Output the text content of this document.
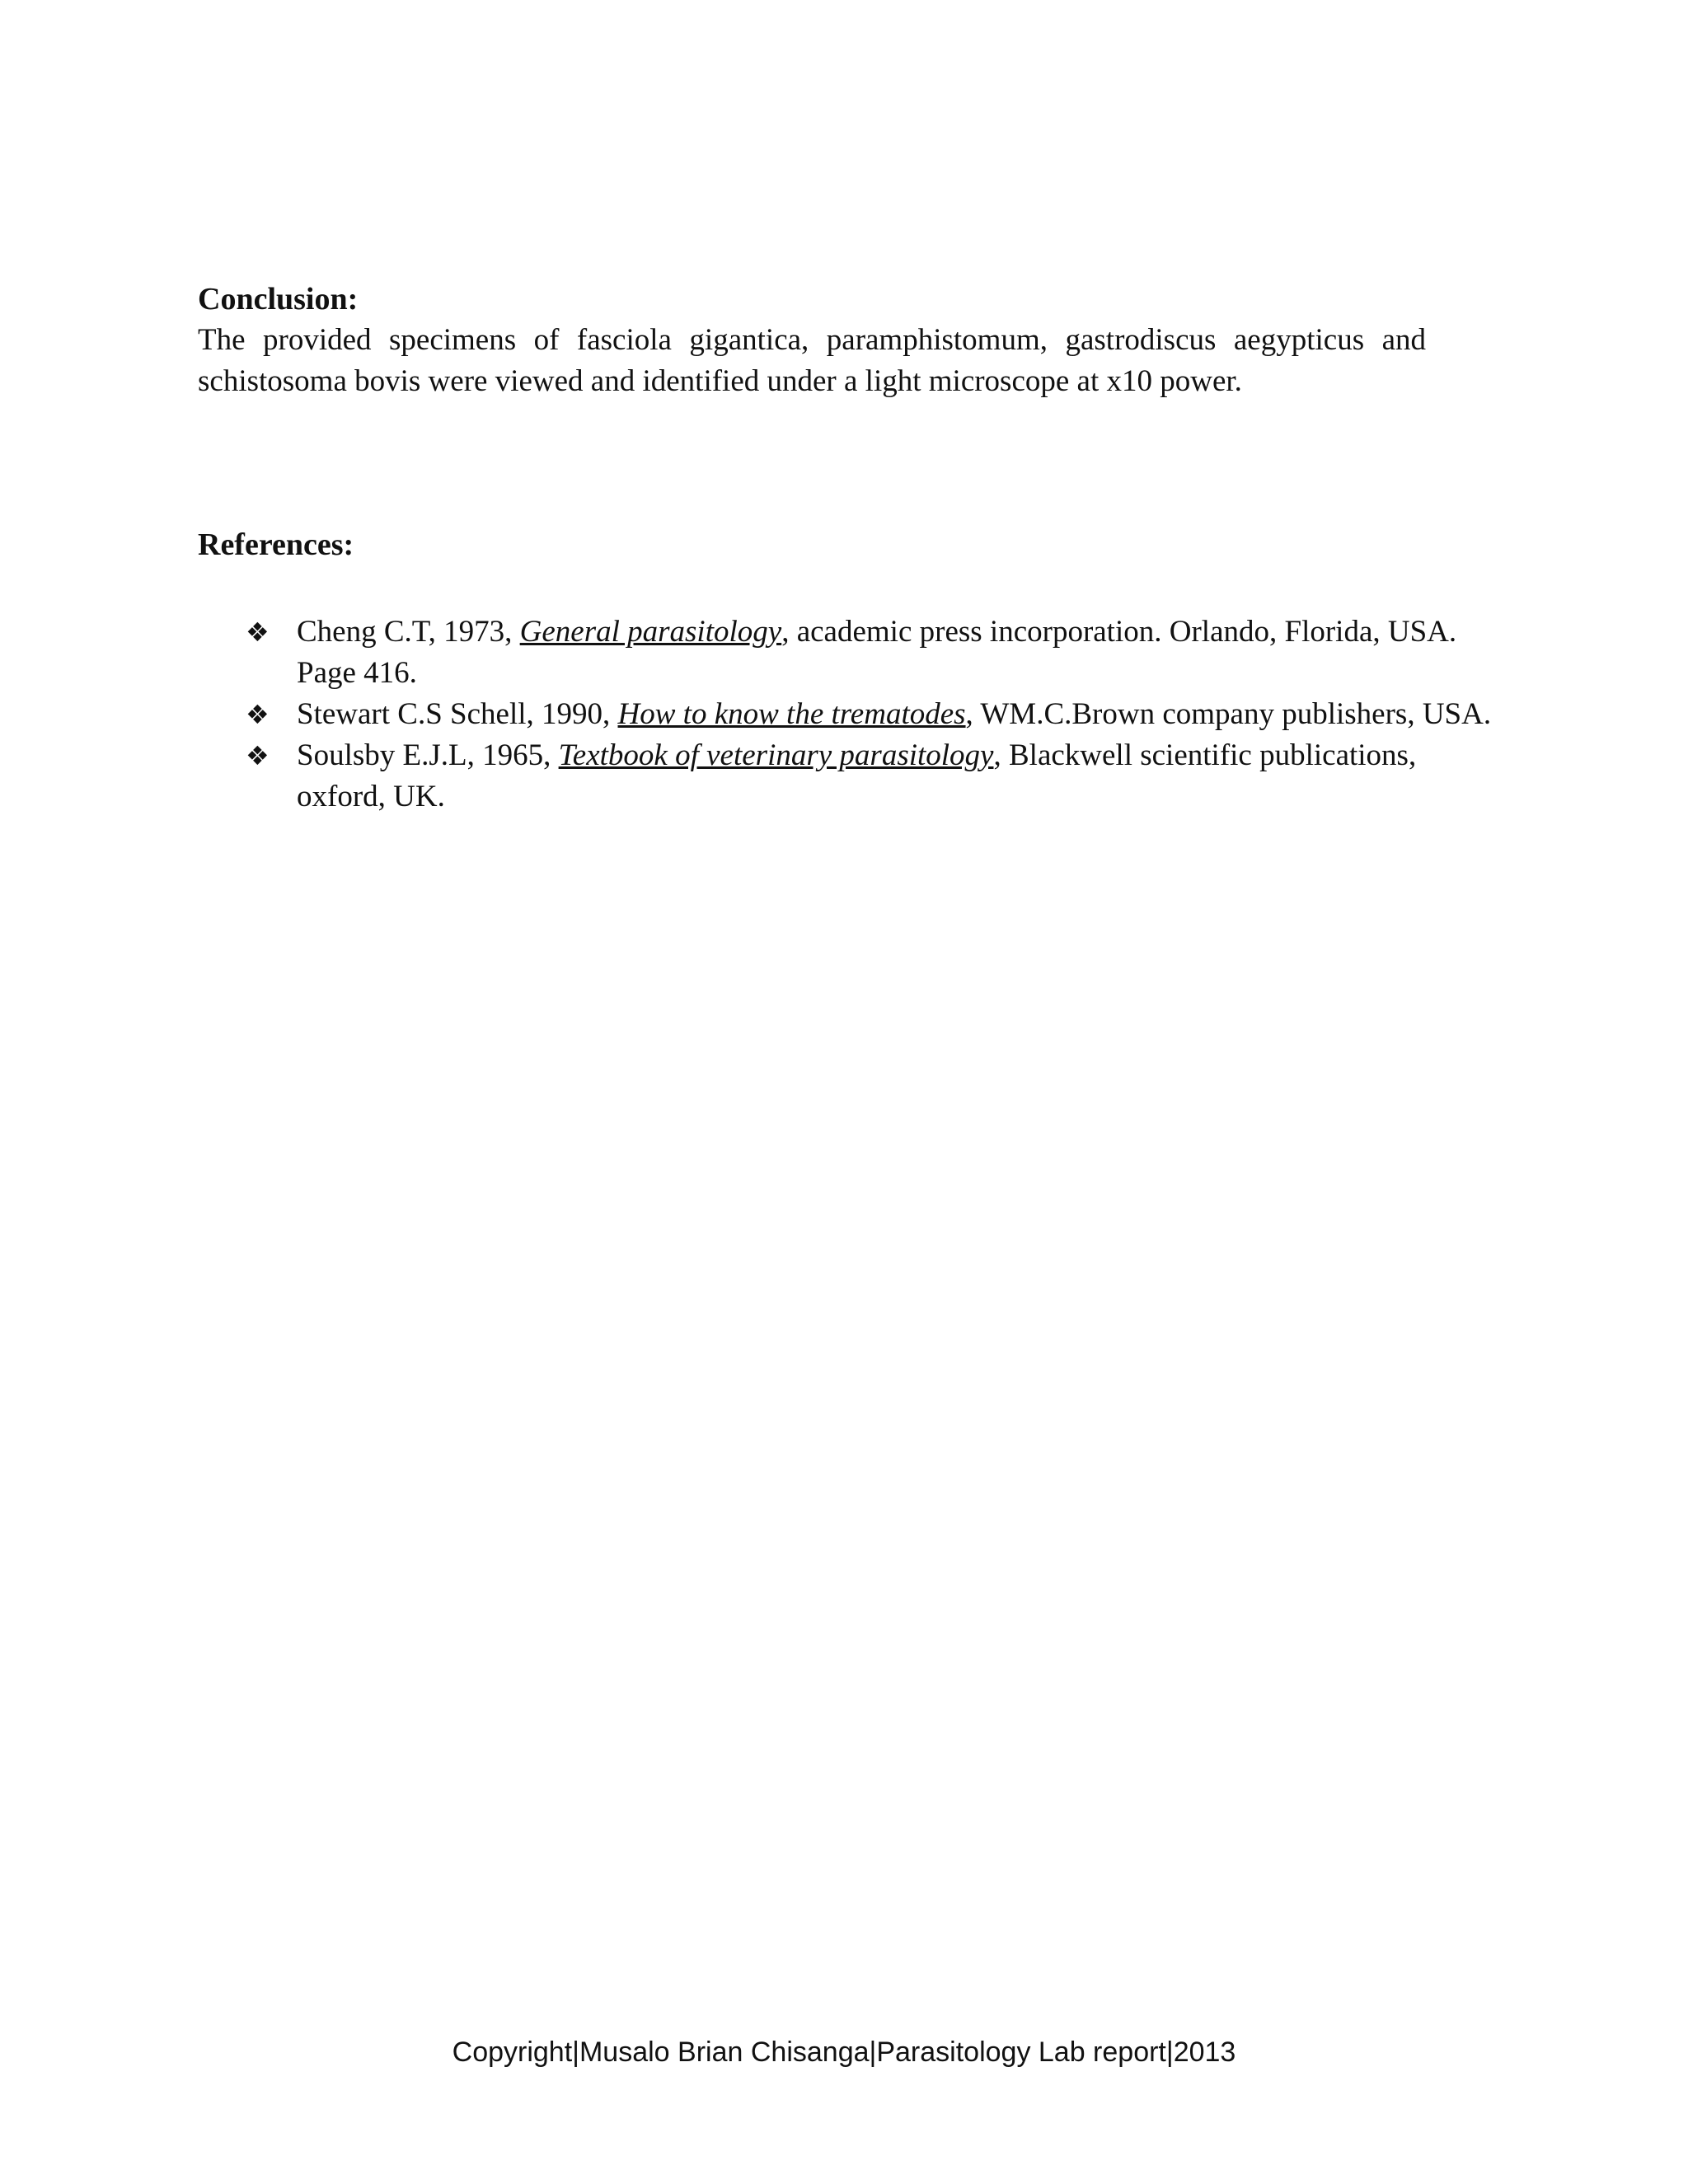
Conclusion:

The provided specimens of fasciola gigantica, paramphistomum, gastrodiscus aegypticus and schistosoma bovis were viewed and identified under a light microscope at x10 power.

References:
❖ Cheng C.T, 1973, General parasitology, academic press incorporation. Orlando, Florida, USA. Page 416.
❖ Stewart C.S Schell, 1990, How to know the trematodes, WM.C.Brown company publishers, USA.
❖ Soulsby E.J.L, 1965, Textbook of veterinary parasitology, Blackwell scientific publications, oxford, UK.
Copyright|Musalo Brian Chisanga|Parasitology Lab report|2013
